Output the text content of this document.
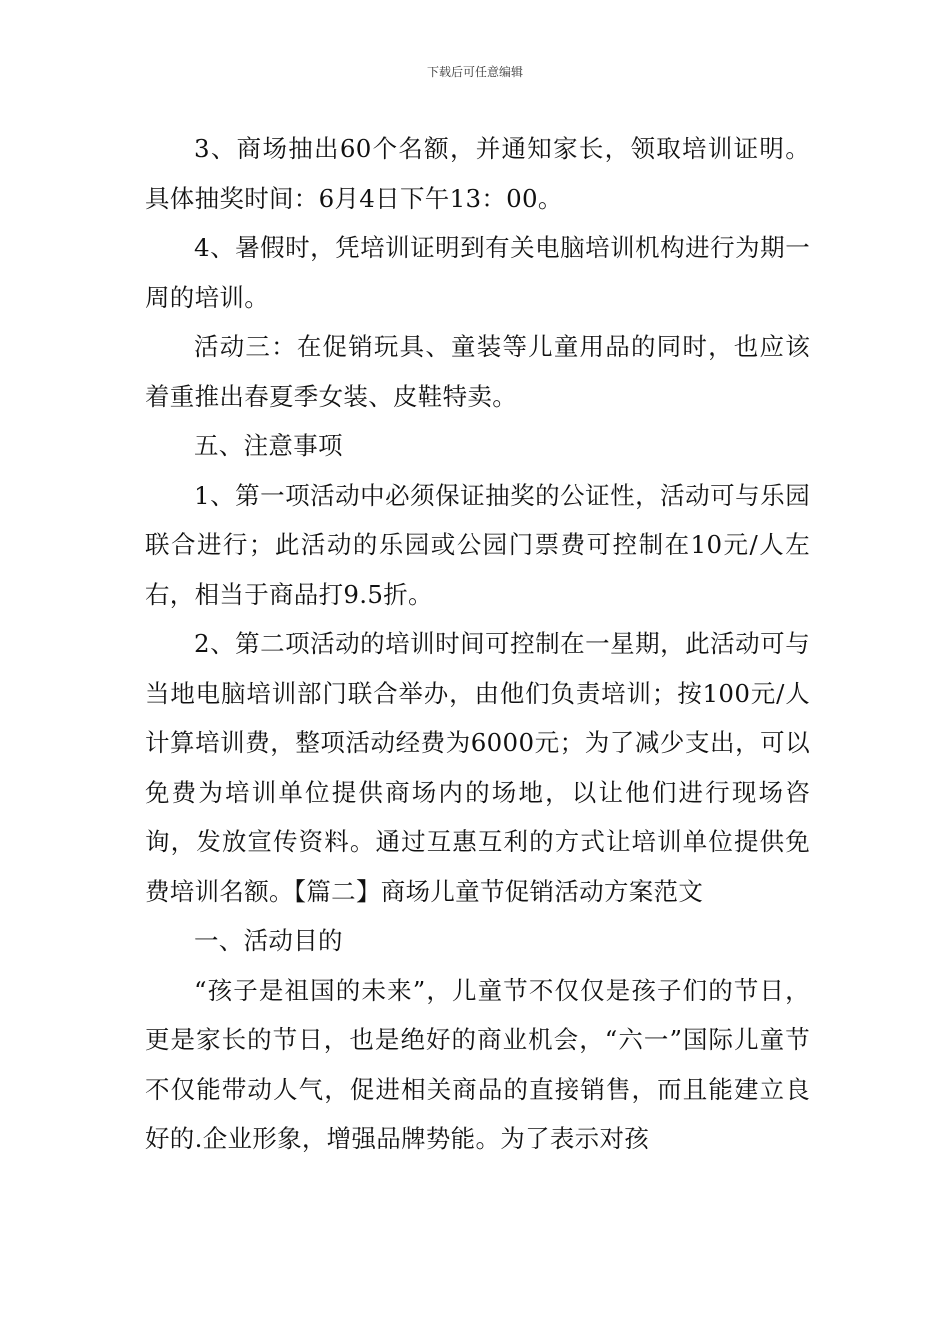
下载后可任意编辑

3、商场抽出60个名额，并通知家长，领取培训证明。具体抽奖时间：6月4日下午13：00。

4、暑假时，凭培训证明到有关电脑培训机构进行为期一周的培训。

活动三：在促销玩具、童装等儿童用品的同时，也应该着重推出春夏季女装、皮鞋特卖。

五、注意事项

1、第一项活动中必须保证抽奖的公证性，活动可与乐园联合进行；此活动的乐园或公园门票费可控制在10元/人左右，相当于商品打9.5折。

2、第二项活动的培训时间可控制在一星期，此活动可与当地电脑培训部门联合举办，由他们负责培训；按100元/人计算培训费，整项活动经费为6000元；为了减少支出，可以免费为培训单位提供商场内的场地，以让他们进行现场咨询，发放宣传资料。通过互惠互利的方式让培训单位提供免费培训名额。【篇二】商场儿童节促销活动方案范文

一、活动目的

“孩子是祖国的未来”，儿童节不仅仅是孩子们的节日，更是家长的节日，也是绝好的商业机会，“六一”国际儿童节不仅能带动人气，促进相关商品的直接销售，而且能建立良好的.企业形象，增强品牌势能。为了表示对孩
